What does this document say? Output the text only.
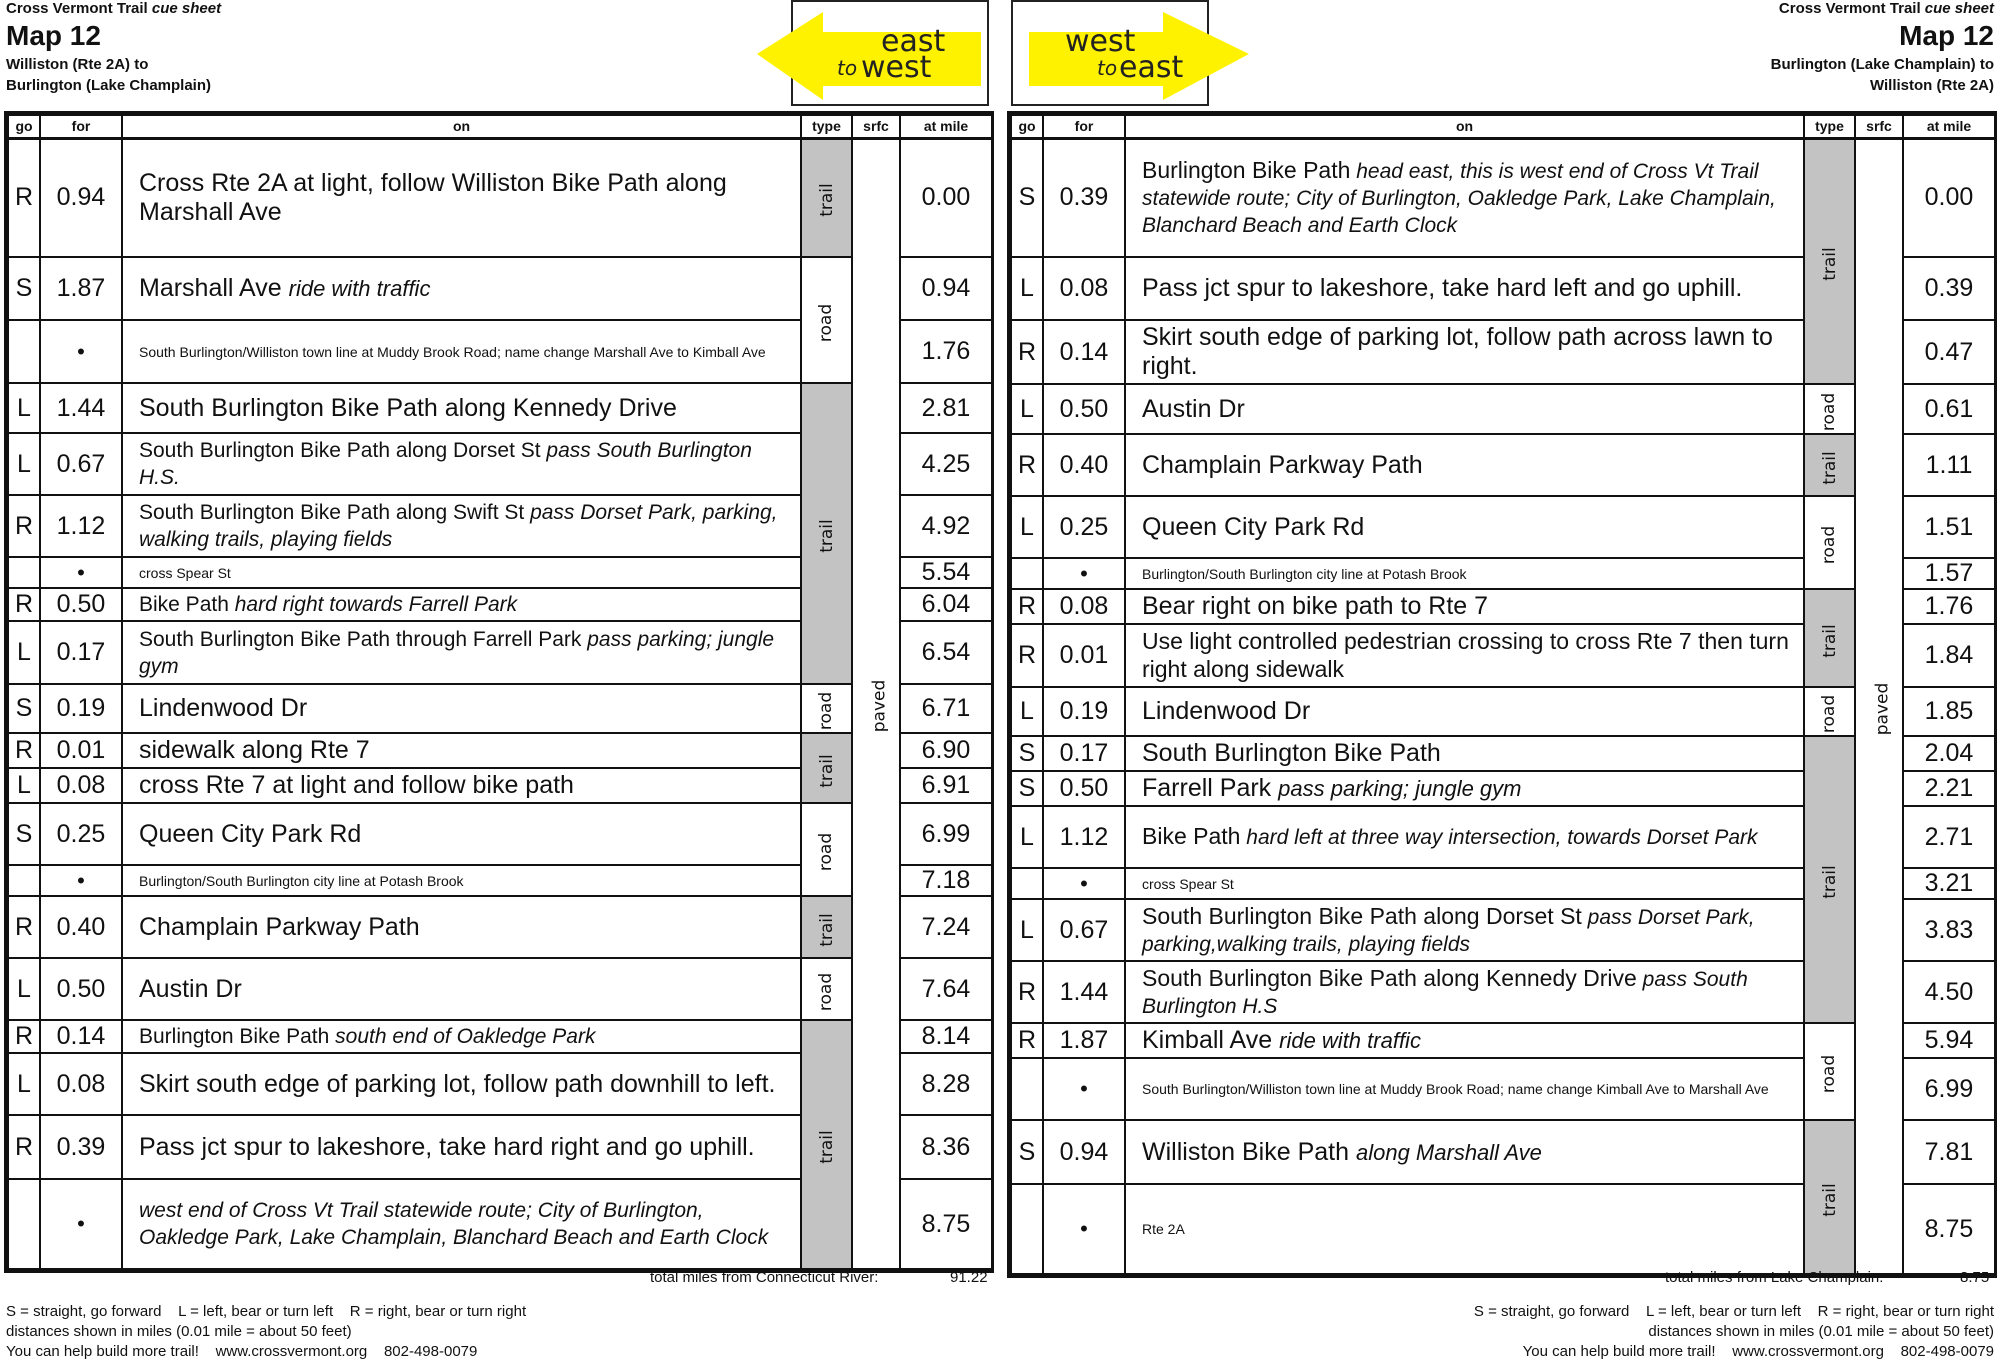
Cross Vermont Trail cue sheet
Map 12
Williston (Rte 2A) to
Burlington (Lake Champlain)
Cross Vermont Trail cue sheet
Map 12
Burlington (Lake Champlain) to
Williston (Rte 2A)
east
to west
west
to east
go	for	on	type	srfc	at mile
R	0.94	Cross Rte 2A at light, follow Williston Bike Path along Marshall Ave	trail	paved	0.00
S	1.87	Marshall Ave ride with traffic	road		0.94
	•	South Burlington/Williston town line at Muddy Brook Road; name change Marshall Ave to Kimball Ave			1.76
L	1.44	South Burlington Bike Path along Kennedy Drive	trail		2.81
L	0.67	South Burlington Bike Path along Dorset St pass South Burlington H.S.			4.25
R	1.12	South Burlington Bike Path along Swift St pass Dorset Park, parking, walking trails, playing fields			4.92
	•	cross Spear St			5.54
R	0.50	Bike Path hard right towards Farrell Park			6.04
L	0.17	South Burlington Bike Path through Farrell Park pass parking; jungle gym			6.54
S	0.19	Lindenwood Dr	road		6.71
R	0.01	sidewalk along Rte 7	trail		6.90
L	0.08	cross Rte 7 at light and follow bike path			6.91
S	0.25	Queen City Park Rd	road		6.99
	•	Burlington/South Burlington city line at Potash Brook			7.18
R	0.40	Champlain Parkway Path	trail		7.24
L	0.50	Austin Dr	road		7.64
R	0.14	Burlington Bike Path south end of Oakledge Park	trail		8.14
L	0.08	Skirt south edge of parking lot, follow path downhill to left.			8.28
R	0.39	Pass jct spur to lakeshore, take hard right and go uphill.			8.36
	•	west end of Cross Vt Trail statewide route; City of Burlington, Oakledge Park, Lake Champlain, Blanchard Beach and Earth Clock			8.75
go	for	on	type	srfc	at mile
S	0.39	Burlington Bike Path head east, this is west end of Cross Vt Trail statewide route; City of Burlington, Oakledge Park, Lake Champlain, Blanchard Beach and Earth Clock	trail	paved	0.00
L	0.08	Pass jct spur to lakeshore, take hard left and go uphill.			0.39
R	0.14	Skirt south edge of parking lot, follow path across lawn to right.			0.47
L	0.50	Austin Dr	road		0.61
R	0.40	Champlain Parkway Path	trail		1.11
L	0.25	Queen City Park Rd	road		1.51
	•	Burlington/South Burlington city line at Potash Brook			1.57
R	0.08	Bear right on bike path to Rte 7	trail		1.76
R	0.01	Use light controlled pedestrian crossing to cross Rte 7 then turn right along sidewalk			1.84
L	0.19	Lindenwood Dr	road		1.85
S	0.17	South Burlington Bike Path	trail		2.04
S	0.50	Farrell Park pass parking; jungle gym			2.21
L	1.12	Bike Path hard left at three way intersection, towards Dorset Park			2.71
	•	cross Spear St			3.21
L	0.67	South Burlington Bike Path along Dorset St pass Dorset Park, parking,walking trails, playing fields			3.83
R	1.44	South Burlington Bike Path along Kennedy Drive pass South Burlington H.S			4.50
R	1.87	Kimball Ave ride with traffic	road		5.94
	•	South Burlington/Williston town line at Muddy Brook Road; name change Kimball Ave to Marshall Ave			6.99
S	0.94	Williston Bike Path along Marshall Ave	trail		7.81
	•	Rte 2A			8.75
total miles from Connecticut River:	91.22	total miles from Lake Champlain:	8.75
S = straight, go forward    L = left, bear or turn left    R = right, bear or turn right
distances shown in miles (0.01 mile = about 50 feet)
You can help build more trail!    www.crossvermont.org    802-498-0079
S = straight, go forward    L = left, bear or turn left    R = right, bear or turn right
distances shown in miles (0.01 mile = about 50 feet)
You can help build more trail!    www.crossvermont.org    802-498-0079
